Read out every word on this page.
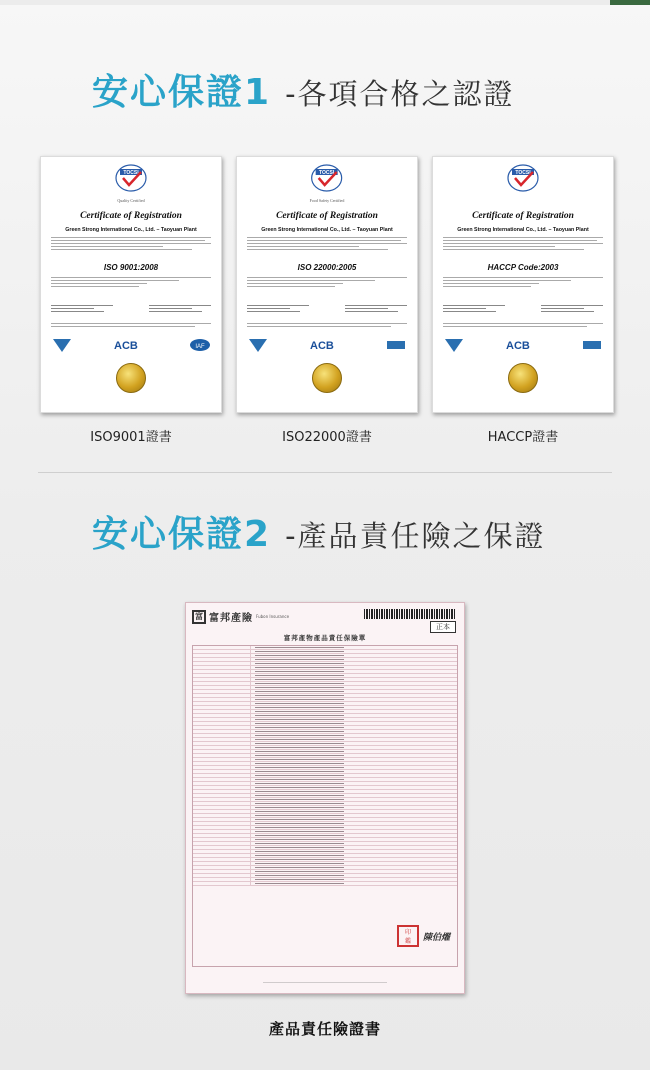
安心保證1 -各項合格之認證
TOCSI
Quality Certified
Certificate of Registration
Green Strong International Co., Ltd. – Taoyuan Plant
ISO 9001:2008
ACB	IAF
TOCSI
Food Safety Certified
Certificate of Registration
Green Strong International Co., Ltd. – Taoyuan Plant
ISO 22000:2005
ACB
TOCSI
Certificate of Registration
Green Strong International Co., Ltd. – Taoyuan Plant
HACCP Code:2003
ACB
ISO9001證書	ISO22000證書	HACCP證書
安心保證2 -產品責任險之保證
富 富邦產險 Fubon Insurance
正本
富邦產物產品責任保險單
印
鑑	陳伯燿
―――――――――――――――――――――――――――――――
產品責任險證書
